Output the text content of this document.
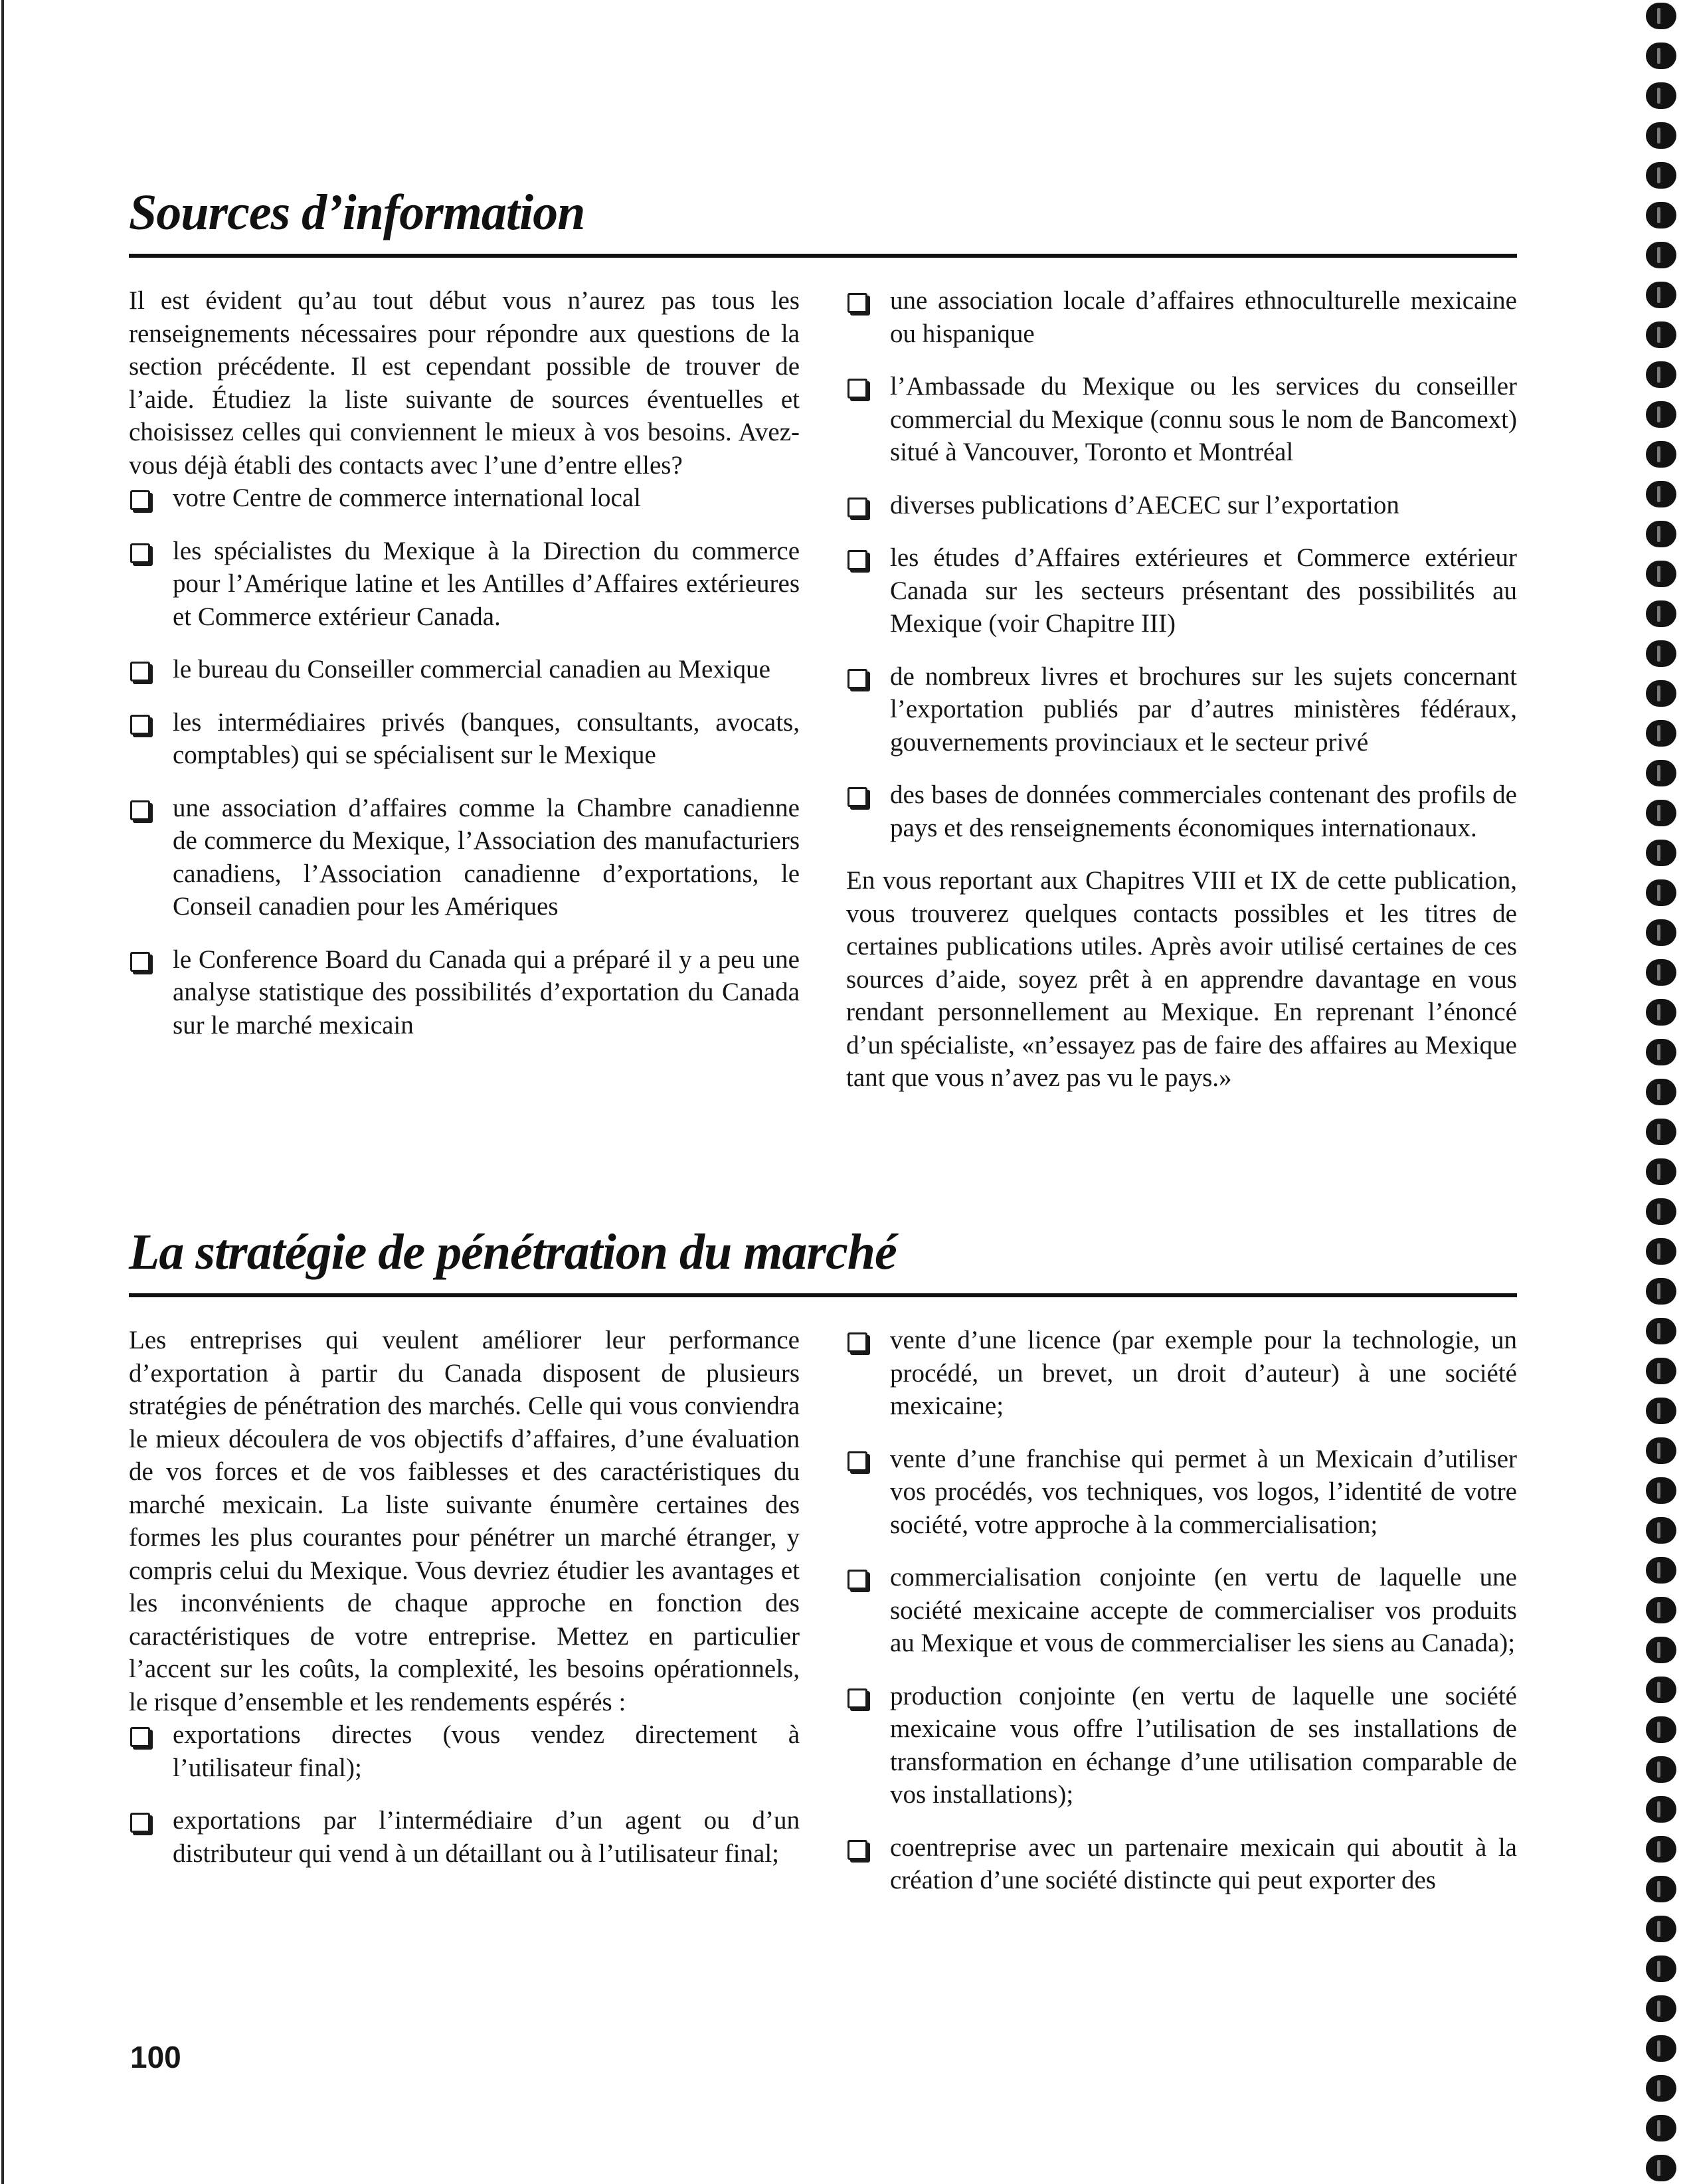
Sources d’information

Il est évident qu’au tout début vous n’aurez pas tous les renseignements nécessaires pour répondre aux questions de la section précédente. Il est cependant possible de trouver de l’aide. Étudiez la liste suivante de sources éventuelles et choisissez celles qui conviennent le mieux à vos besoins. Avez-vous déjà établi des contacts avec l’une d’entre elles?

votre Centre de commerce international local
les spécialistes du Mexique à la Direction du commerce pour l’Amérique latine et les Antilles d’Affaires extérieures et Commerce extérieur Canada.
le bureau du Conseiller commercial canadien au Mexique
les intermédiaires privés (banques, consultants, avocats, comptables) qui se spécialisent sur le Mexique
une association d’affaires comme la Chambre canadienne de commerce du Mexique, l’Association des manufacturiers canadiens, l’Association canadienne d’exportations, le Conseil canadien pour les Amériques
le Conference Board du Canada qui a préparé il y a peu une analyse statistique des possibilités d’exportation du Canada sur le marché mexicain
une association locale d’affaires ethnoculturelle mexicaine ou hispanique
l’Ambassade du Mexique ou les services du conseiller commercial du Mexique (connu sous le nom de Bancomext) situé à Vancouver, Toronto et Montréal
diverses publications d’AECEC sur l’exportation
les études d’Affaires extérieures et Commerce extérieur Canada sur les secteurs présentant des possibilités au Mexique (voir Chapitre III)
de nombreux livres et brochures sur les sujets concernant l’exportation publiés par d’autres ministères fédéraux, gouvernements provinciaux et le secteur privé
des bases de données commerciales contenant des profils de pays et des renseignements économiques internationaux.

En vous reportant aux Chapitres VIII et IX de cette publication, vous trouverez quelques contacts possibles et les titres de certaines publications utiles. Après avoir utilisé certaines de ces sources d’aide, soyez prêt à en apprendre davantage en vous rendant personnellement au Mexique. En reprenant l’énoncé d’un spécialiste, «n’essayez pas de faire des affaires au Mexique tant que vous n’avez pas vu le pays.»

La stratégie de pénétration du marché

Les entreprises qui veulent améliorer leur performance d’exportation à partir du Canada disposent de plusieurs stratégies de pénétration des marchés. Celle qui vous conviendra le mieux découlera de vos objectifs d’affaires, d’une évaluation de vos forces et de vos faiblesses et des caractéristiques du marché mexicain. La liste suivante énumère certaines des formes les plus courantes pour pénétrer un marché étranger, y compris celui du Mexique. Vous devriez étudier les avantages et les inconvénients de chaque approche en fonction des caractéristiques de votre entreprise. Mettez en particulier l’accent sur les coûts, la complexité, les besoins opérationnels, le risque d’ensemble et les rendements espérés :

exportations directes (vous vendez directement à l’utilisateur final);
exportations par l’intermédiaire d’un agent ou d’un distributeur qui vend à un détaillant ou à l’utilisateur final;
vente d’une licence (par exemple pour la technologie, un procédé, un brevet, un droit d’auteur) à une société mexicaine;
vente d’une franchise qui permet à un Mexicain d’utiliser vos procédés, vos techniques, vos logos, l’identité de votre société, votre approche à la commercialisation;
commercialisation conjointe (en vertu de laquelle une société mexicaine accepte de commercialiser vos produits au Mexique et vous de commercialiser les siens au Canada);
production conjointe (en vertu de laquelle une société mexicaine vous offre l’utilisation de ses installations de transformation en échange d’une utilisation comparable de vos installations);
coentreprise avec un partenaire mexicain qui aboutit à la création d’une société distincte qui peut exporter des
100
